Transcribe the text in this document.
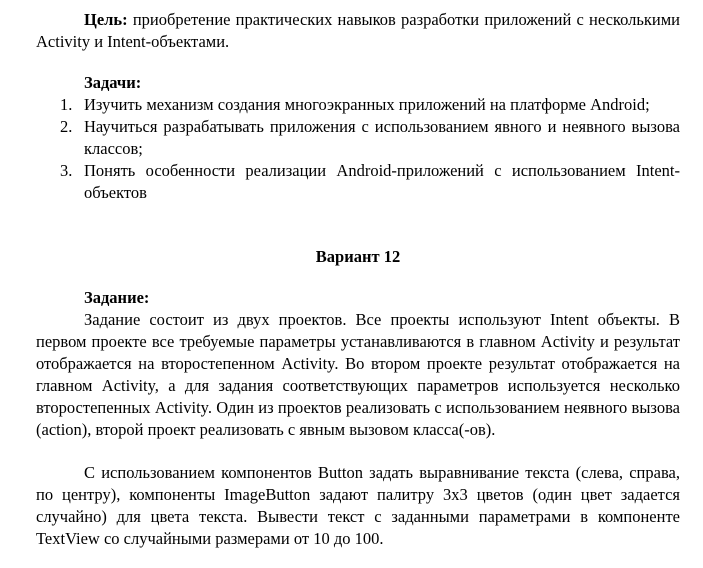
Цель: приобретение практических навыков разработки приложений с несколькими Activity и Intent-объектами.
Задачи:
1. Изучить механизм создания многоэкранных приложений на платформе Android;
2. Научиться разрабатывать приложения с использованием явного и неявного вызова классов;
3. Понять особенности реализации Android-приложений с использованием Intent-объектов
Вариант 12
Задание:
Задание состоит из двух проектов. Все проекты используют Intent объекты. В первом проекте все требуемые параметры устанавливаются в главном Activity и результат отображается на второстепенном Activity. Во втором проекте результат отображается на главном Activity, а для задания соответствующих параметров используется несколько второстепенных Activity. Один из проектов реализовать с использованием неявного вызова (action), второй проект реализовать с явным вызовом класса(-ов).
С использованием компонентов Button задать выравнивание текста (слева, справа, по центру), компоненты ImageButton задают палитру 3х3 цветов (один цвет задается случайно) для цвета текста. Вывести текст с заданными параметрами в компоненте TextView со случайными размерами от 10 до 100.
